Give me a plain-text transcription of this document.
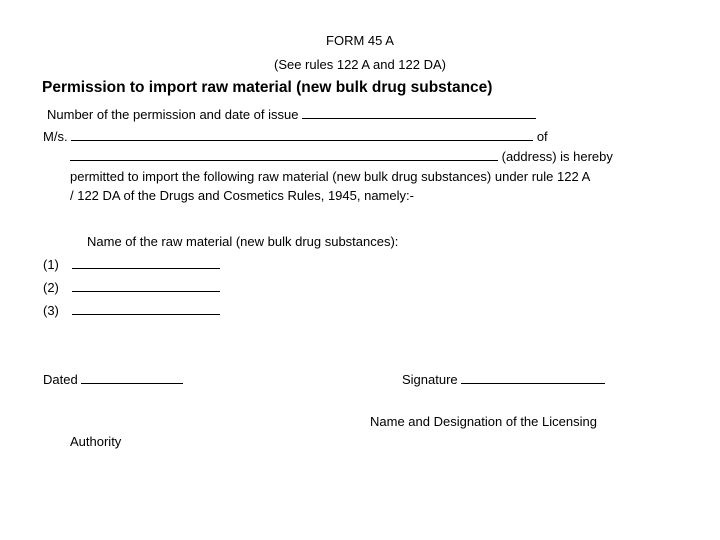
FORM 45 A
(See rules 122 A and 122 DA)
Permission to import raw material (new bulk drug substance)
Number of the permission and date of issue
M/s.	of
(address) is hereby
permitted to import the following raw material (new bulk drug substances) under rule 122 A
/ 122 DA of the Drugs and Cosmetics Rules, 1945, namely:-
Name of the raw material (new bulk drug substances):
(1)
(2)
(3)
Dated	Signature
Name and Designation of the Licensing
Authority
